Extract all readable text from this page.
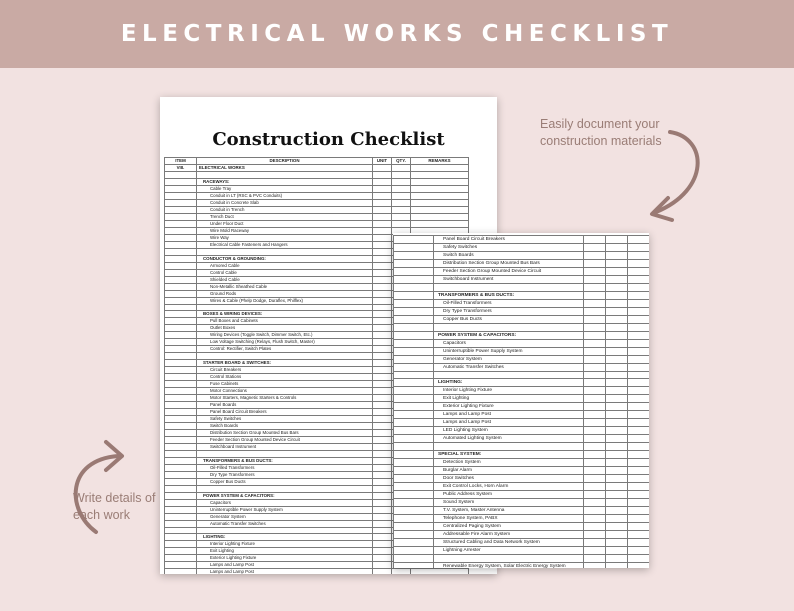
ELECTRICAL WORKS CHECKLIST
Easily document your
construction materials
Write details of
each work
Construction Checklist
ITEM	DESCRIPTION	UNIT	QTY.	REMARKS
VIII.	ELECTRICAL WORKS			

	RACEWAYS:			
	Cable Tray			
	Conduit in LT (RSC & PVC Conduits)			
	Conduit in Concrete Slab			
	Conduit in Trench			
	Trench Duct			
	Under Floor Duct			
	Wire Mold Raceway			
	Wire Way			
	Electrical Cable Fasteners and Hangers			

	CONDUCTOR & GROUNDING:			
	Armored Cable			
	Control Cable			
	Shielded Cable			
	Non-Metallic Sheathed Cable			
	Ground Rods			
	Wires & Cable (Phelp Dodge, Duraflex, Philflex)			

	BOXES & WIRING DEVICES:			
	Pull Boxes and Cabinets			
	Outlet Boxes			
	Wiring Devices (Toggle Switch, Dimmer Switch, Etc.)			
	Low Voltage Switching (Relays, Flush Switch, Master)			
	Control: Rectifier, Switch Plates			

	STARTER BOARD & SWITCHES:			
	Circuit Breakers			
	Control Stations			
	Fuse Cabinets			
	Motor Connections			
	Motor Starters, Magnetic Starters & Controls			
	Panel Boards			
	Panel Board Circuit Breakers			
	Safety Switches			
	Switch Boards			
	Distribution Section Group Mounted Bus Bars			
	Feeder Section Group Mounted Device Circuit			
	Switchboard Instrument			

	TRANSFORMERS & BUS DUCTS:			
	Oil-Filled Transformers			
	Dry Type Transformers			
	Copper Bus Ducts			

	POWER SYSTEM & CAPACITORS:			
	Capacitors			
	Uninterruptible Power Supply System			
	Generator System			
	Automatic Transfer Switches			

	LIGHTING:			
	Interior Lighting Fixture			
	Exit Lighting			
	Exterior Lighting Fixture			
	Lamps and Lamp Post			
	Lamps and Lamp Post			
	Panel Board Circuit Breakers			
	Safety Switches			
	Switch Boards			
	Distribution Section Group Mounted Bus Bars			
	Feeder Section Group Mounted Device Circuit			
	Switchboard Instrument			

	TRANSFORMERS & BUS DUCTS:			
	Oil-Filled Transformers			
	Dry Type Transformers			
	Copper Bus Ducts			

	POWER SYSTEM & CAPACITORS:			
	Capacitors			
	Uninterruptible Power Supply System			
	Generator System			
	Automatic Transfer Switches			

	LIGHTING:			
	Interior Lighting Fixture			
	Exit Lighting			
	Exterior Lighting Fixture			
	Lamps and Lamp Post			
	Lamps and Lamp Post			
	LED Lighting System			
	Automated Lighting System			

	SPECIAL SYSTEM:			
	Detection System			
	Burglar Alarm			
	Door Switches			
	Exit Control Locks, Horn Alarm			
	Public Address System			
	Sound System			
	T.V. System, Master Antenna			
	Telephone System, PABX			
	Centralized Paging System			
	Addressable Fire Alarm System			
	Structured Cabling and Data Network System			
	Lightning Arrester			

	Renewable Energy System, Solar Electric Energy System			
